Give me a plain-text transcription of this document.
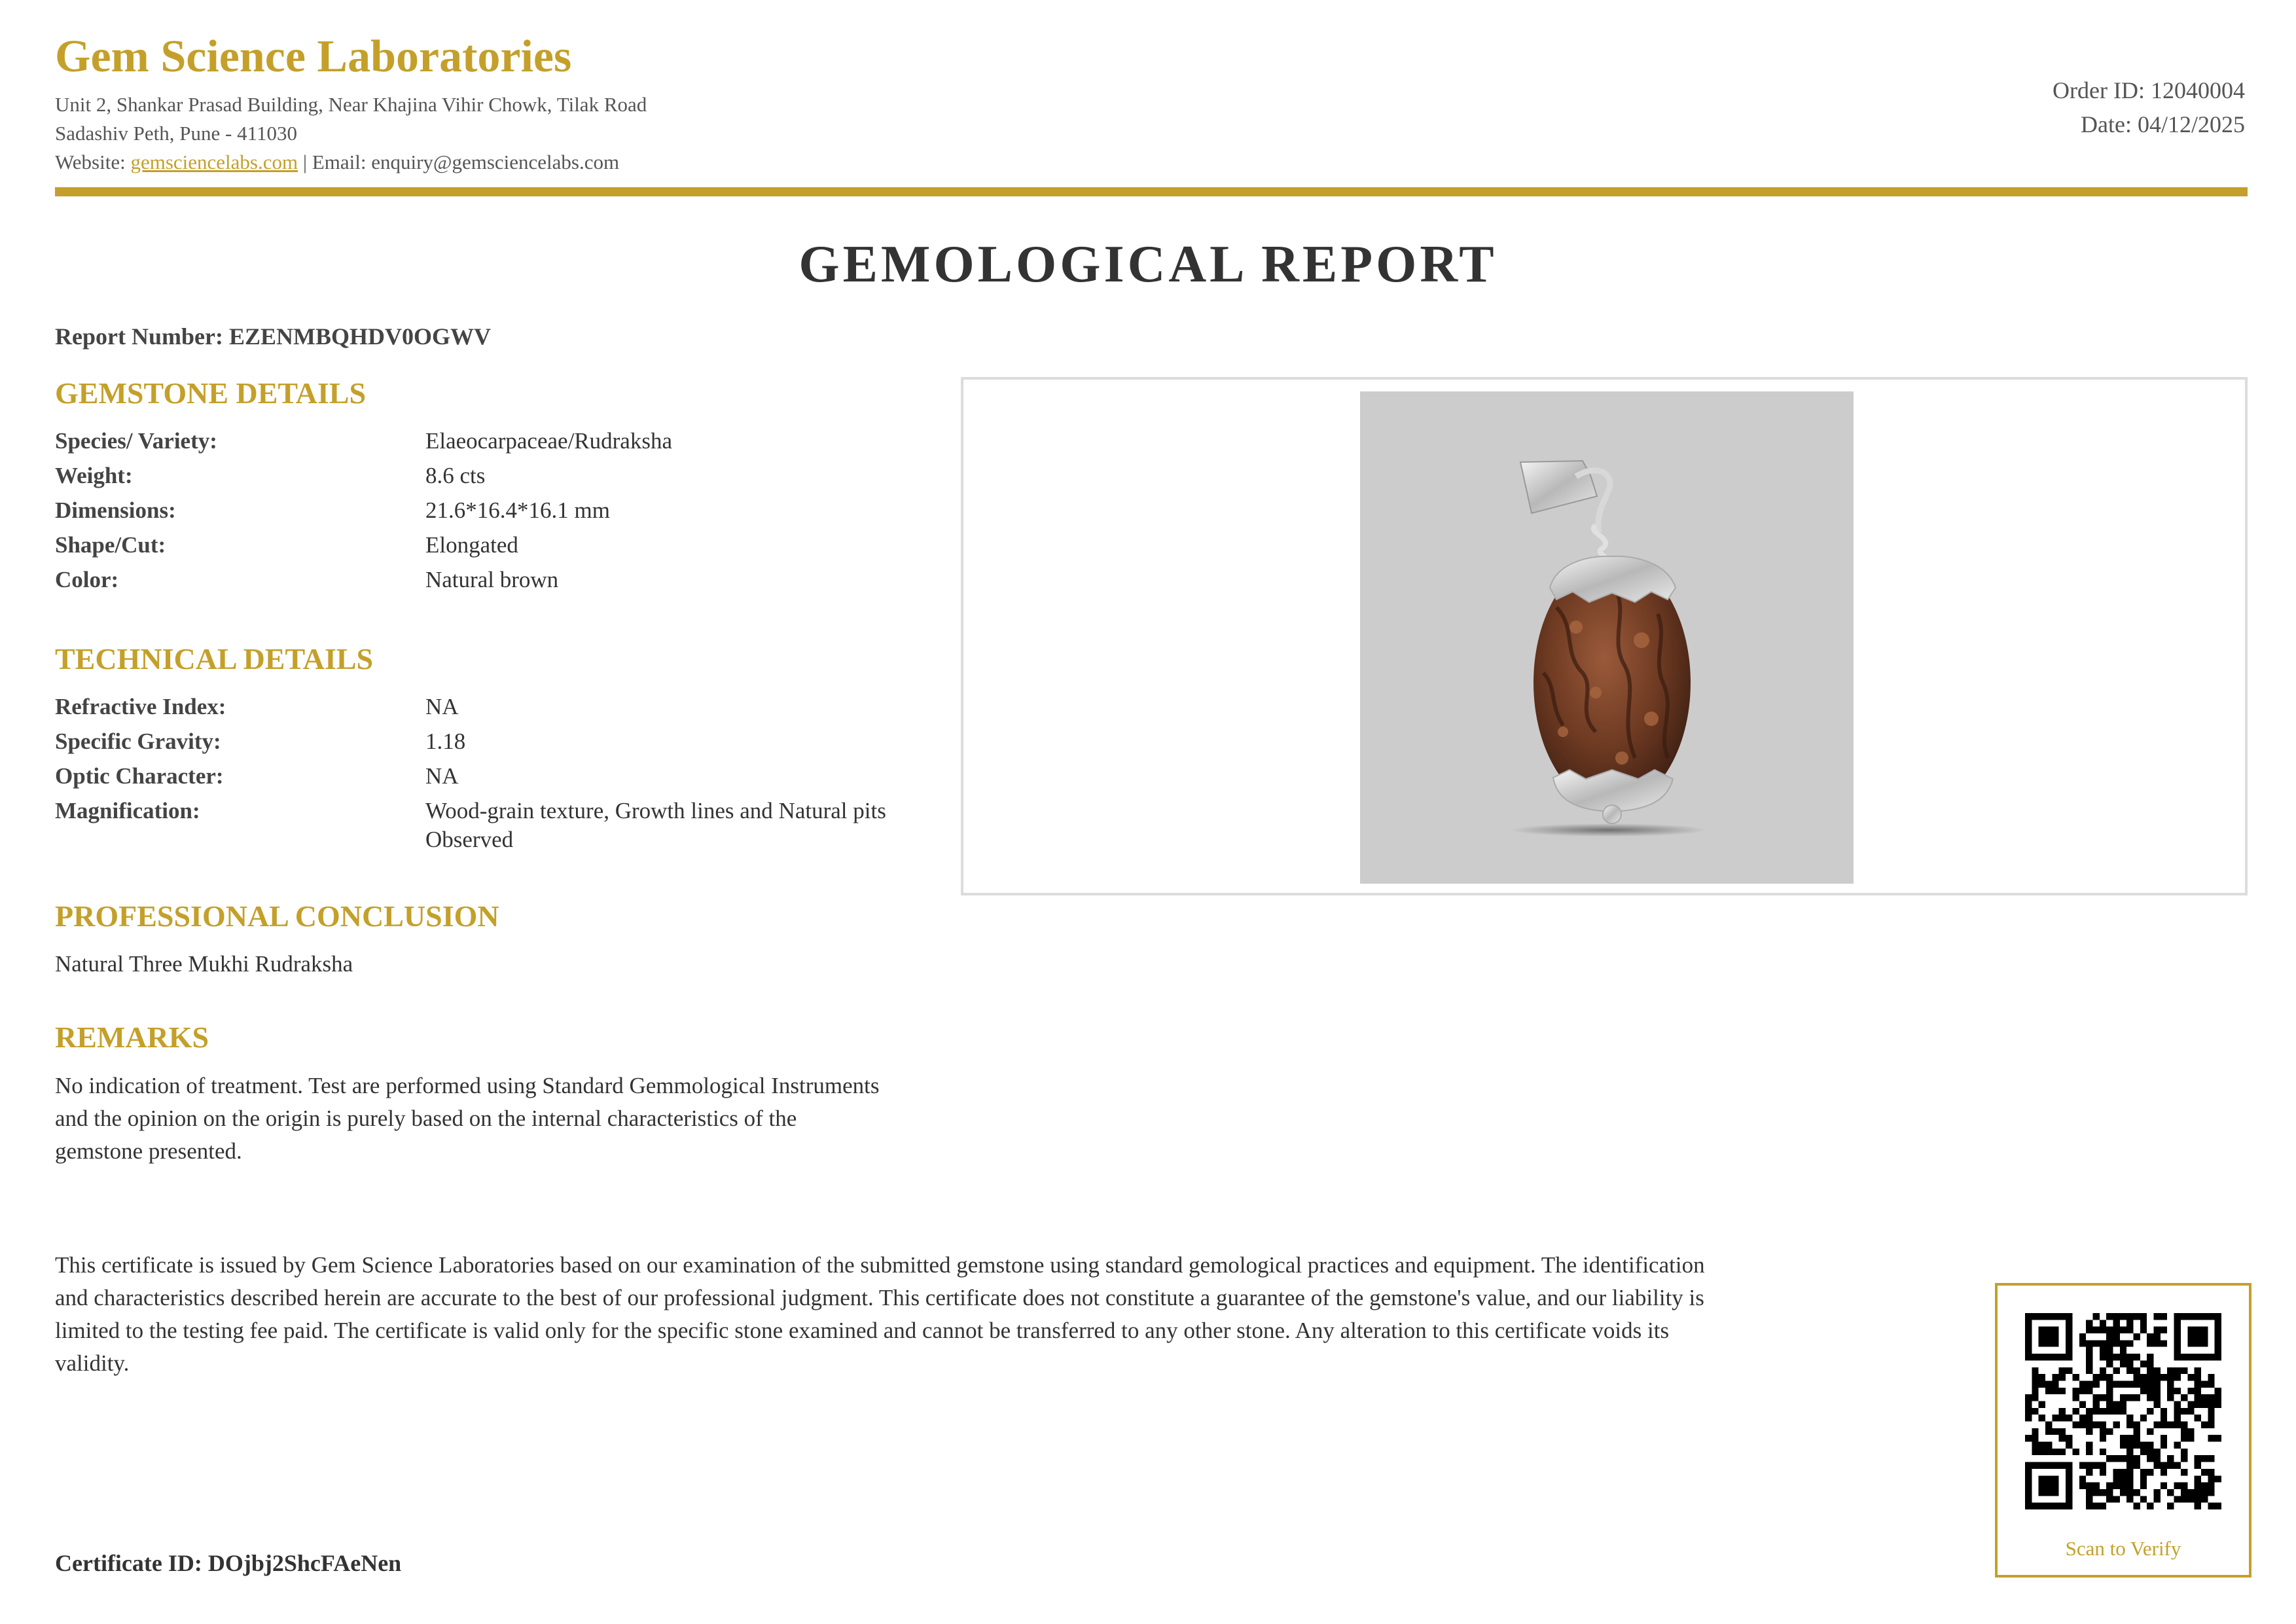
Gem Science Laboratories
Unit 2, Shankar Prasad Building, Near Khajina Vihir Chowk, Tilak Road
Sadashiv Peth, Pune - 411030
Website: gemsciencelabs.com | Email: enquiry@gemsciencelabs.com
Order ID: 12040004
Date: 04/12/2025
GEMOLOGICAL REPORT
Report Number: EZENMBQHDV0OGWV
GEMSTONE DETAILS
Species/ Variety:	Elaeocarpaceae/Rudraksha
Weight:	8.6 cts
Dimensions:	21.6*16.4*16.1 mm
Shape/Cut:	Elongated
Color:	Natural brown
TECHNICAL DETAILS
Refractive Index:	NA
Specific Gravity:	1.18
Optic Character:	NA
Magnification:	Wood-grain texture, Growth lines and Natural pits Observed
PROFESSIONAL CONCLUSION
Natural Three Mukhi Rudraksha
REMARKS
No indication of treatment. Test are performed using Standard Gemmological Instruments and the opinion on the origin is purely based on the internal characteristics of the gemstone presented.
This certificate is issued by Gem Science Laboratories based on our examination of the submitted gemstone using standard gemological practices and equipment. The identification and characteristics described herein are accurate to the best of our professional judgment. This certificate does not constitute a guarantee of the gemstone's value, and our liability is limited to the testing fee paid. The certificate is valid only for the specific stone examined and cannot be transferred to any other stone. Any alteration to this certificate voids its validity.
Scan to Verify
Certificate ID: DOjbj2ShcFAeNen
